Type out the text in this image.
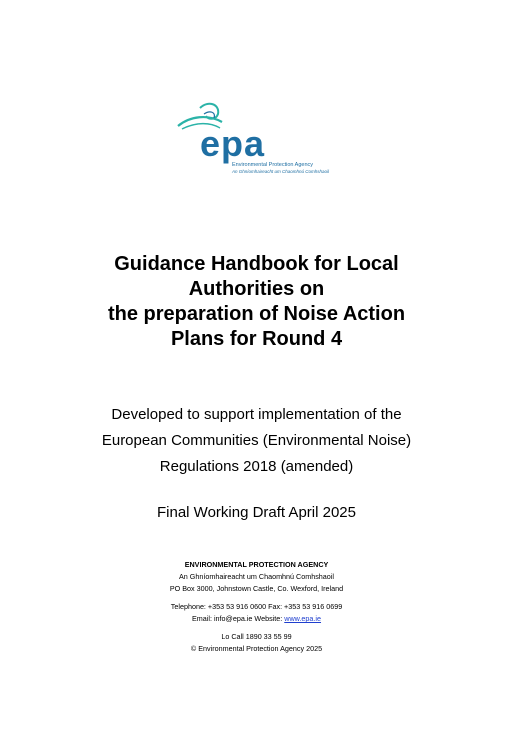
epa
Environmental Protection Agency
An Ghníomhaireacht um Chaomhnú Comhshaoil
Guidance Handbook for Local
Authorities on
the preparation of Noise Action
Plans for Round 4
Developed to support implementation of the
European Communities (Environmental Noise)
Regulations 2018 (amended)
Final Working Draft April 2025
ENVIRONMENTAL PROTECTION AGENCY
An Ghníomhaireacht um Chaomhnú Comhshaoil
PO Box 3000, Johnstown Castle, Co. Wexford, Ireland
Telephone: +353 53 916 0600 Fax: +353 53 916 0699
Email: info@epa.ie Website: www.epa.ie
Lo Call 1890 33 55 99
© Environmental Protection Agency 2025
